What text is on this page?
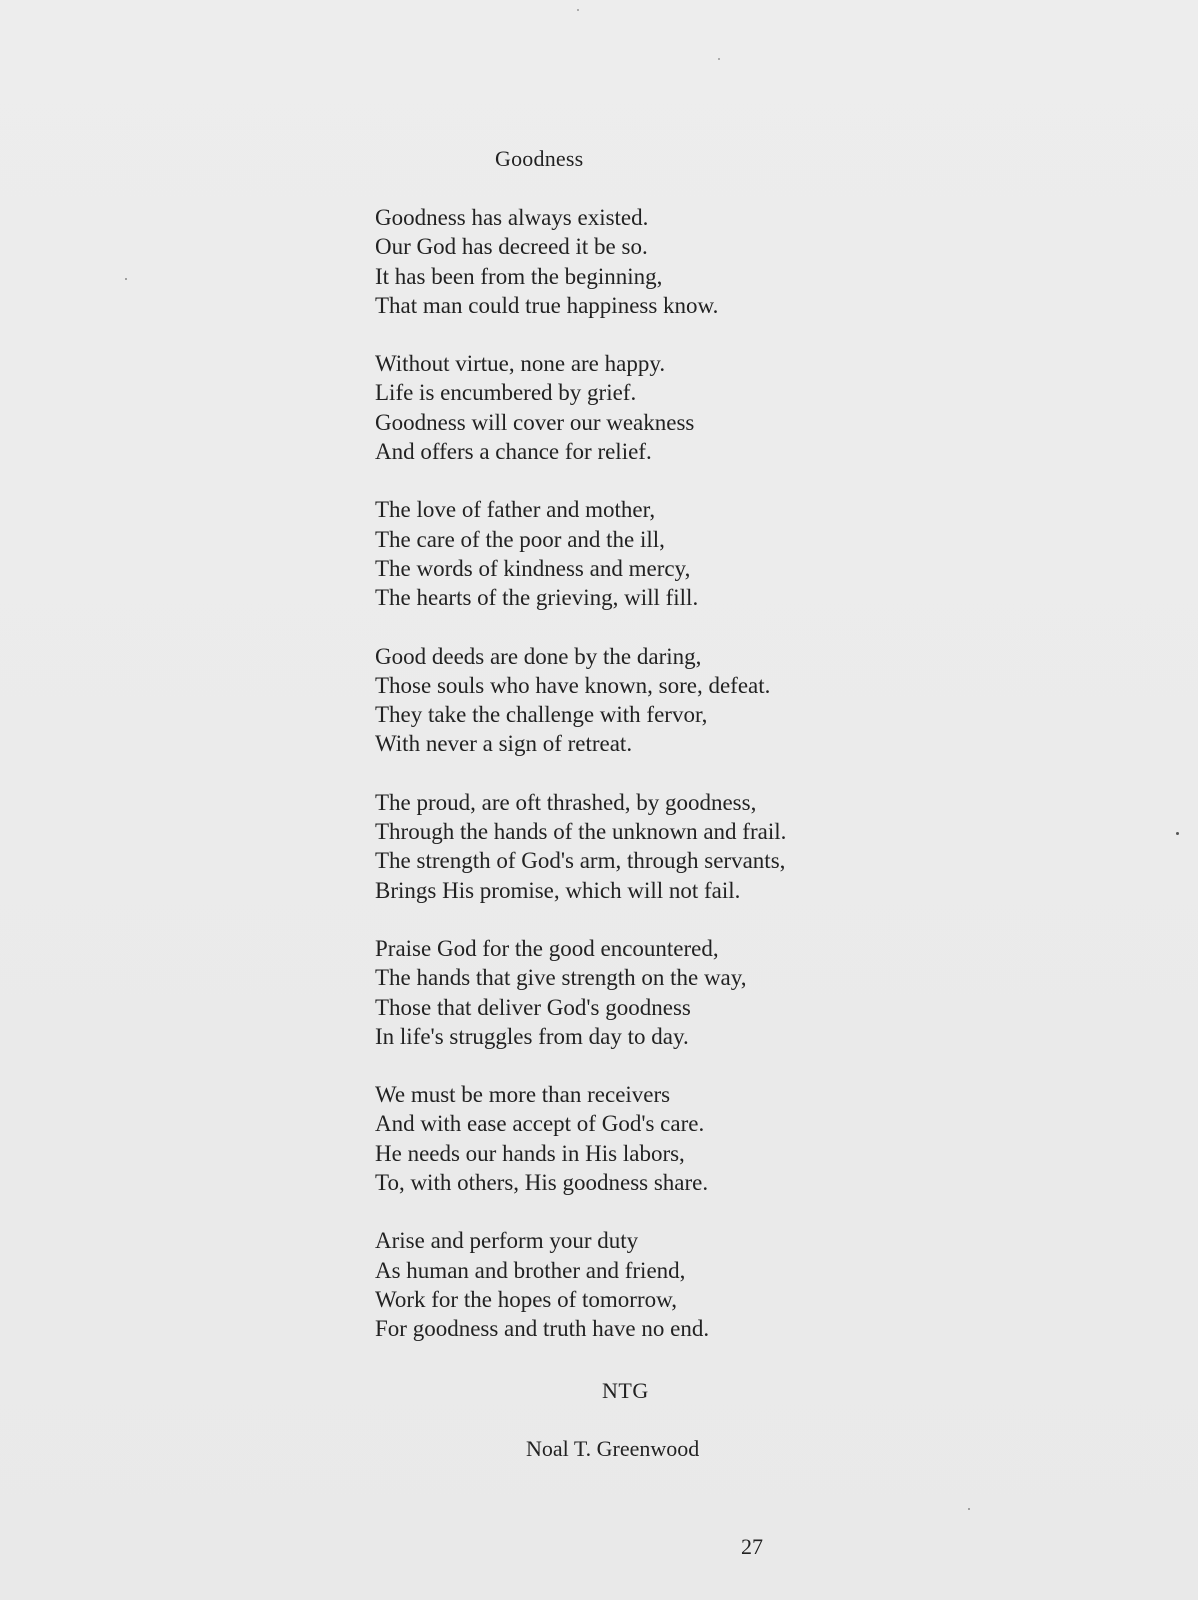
Goodness
Goodness has always existed.
Our God has decreed it be so.
It has been from the beginning,
That man could true happiness know.
Without virtue, none are happy.
Life is encumbered by grief.
Goodness will cover our weakness
And offers a chance for relief.
The love of father and mother,
The care of the poor and the ill,
The words of kindness and mercy,
The hearts of the grieving, will fill.
Good deeds are done by the daring,
Those souls who have known, sore, defeat.
They take the challenge with fervor,
With never a sign of retreat.
The proud, are oft thrashed, by goodness,
Through the hands of the unknown and frail.
The strength of God's arm, through servants,
Brings His promise, which will not fail.
Praise God for the good encountered,
The hands that give strength on the way,
Those that deliver God's goodness
In life's struggles from day to day.
We must be more than receivers
And with ease accept of God's care.
He needs our hands in His labors,
To, with others, His goodness share.
Arise and perform your duty
As human and brother and friend,
Work for the hopes of tomorrow,
For goodness and truth have no end.
NTG
Noal T. Greenwood
27
